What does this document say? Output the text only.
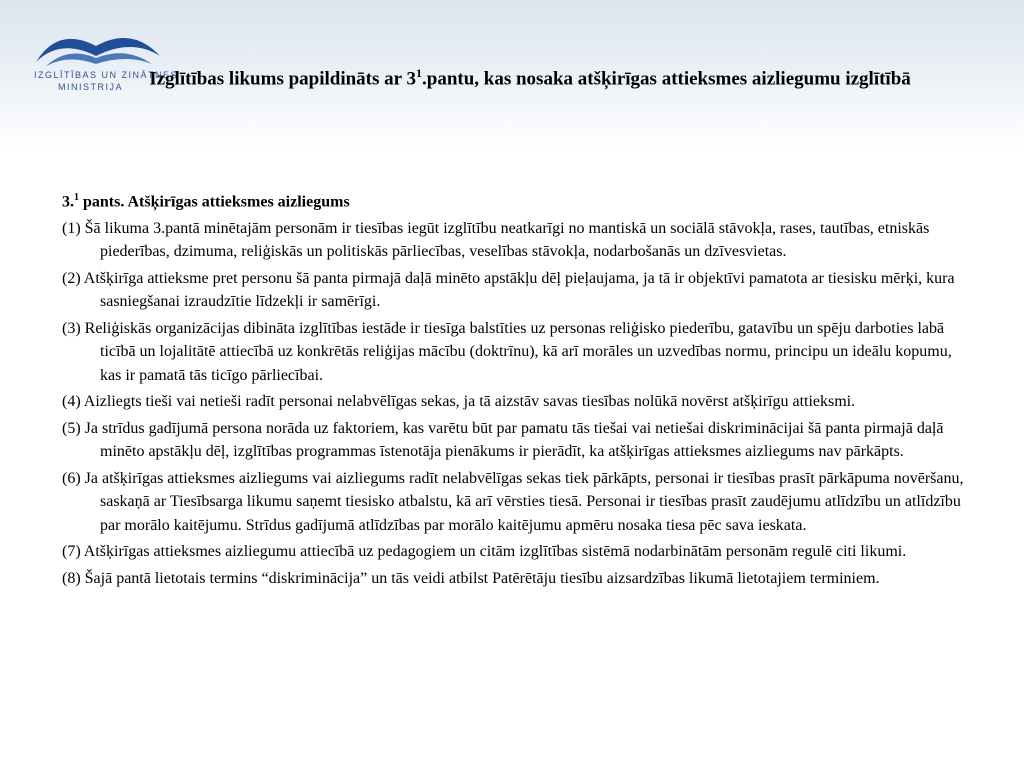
IZGLĪTĪBAS UN ZINĀTNES
MINISTRIJA	Izglītības likums papildināts ar $3^1.pantu$, kas nosaka atšķirīgas attieksmes aizliegumu izglītībā
3.$^1$ pants. Atšķirīgas attieksmes aizliegums
(1) Šā likuma 3.pantā minētajām personām ir tiesības iegūt izglītību neatkarīgi no mantiskā un sociālā stāvokļa, rases, tautības, etniskās piederības, dzimuma, reliģiskās un politiskās pārliecības, veselības stāvokļa, nodarbošanās un dzīvesvietas.
(2) Atšķirīga attieksme pret personu šā panta pirmajā daļā minēto apstākļu dēļ pieļaujama, ja tā ir objektīvi pamatota ar tiesisku mērķi, kura sasniegšanai izraudzītie līdzekļi ir samērīgi.
(3) Reliģiskās organizācijas dibināta izglītības iestāde ir tiesīga balstīties uz personas reliģisko piederību, gatavību un spēju darboties labā ticībā un lojalitātē attiecībā uz konkrētās reliģijas mācību (doktrīnu), kā arī morāles un uzvedības normu, principu un ideālu kopumu, kas ir pamatā tās ticīgo pārliecībai.
(4) Aizliegts tieši vai netieši radīt personai nelabvēlīgas sekas, ja tā aizstāv savas tiesības nolūkā novērst atšķirīgu attieksmi.
(5) Ja strīdus gadījumā persona norāda uz faktoriem, kas varētu būt par pamatu tās tiešai vai netiešai diskriminācijai šā panta pirmajā daļā minēto apstākļu dēļ, izglītības programmas īstenotāja pienākums ir pierādīt, ka atšķirīgas attieksmes aizliegums nav pārkāpts.
(6) Ja atšķirīgas attieksmes aizliegums vai aizliegums radīt nelabvēlīgas sekas tiek pārkāpts, personai ir tiesības prasīt pārkāpuma novēršanu, saskaņā ar Tiesībsarga likumu saņemt tiesisko atbalstu, kā arī vērsties tiesā. Personai ir tiesības prasīt zaudējumu atlīdzību un atlīdzību par morālo kaitējumu. Strīdus gadījumā atlīdzības par morālo kaitējumu apmēru nosaka tiesa pēc sava ieskata.
(7) Atšķirīgas attieksmes aizliegumu attiecībā uz pedagogiem un citām izglītības sistēmā nodarbinātām personām regulē citi likumi.
(8) Šajā pantā lietotais termins “diskriminācija” un tās veidi atbilst Patērētāju tiesību aizsardzības likumā lietotajiem terminiem.
